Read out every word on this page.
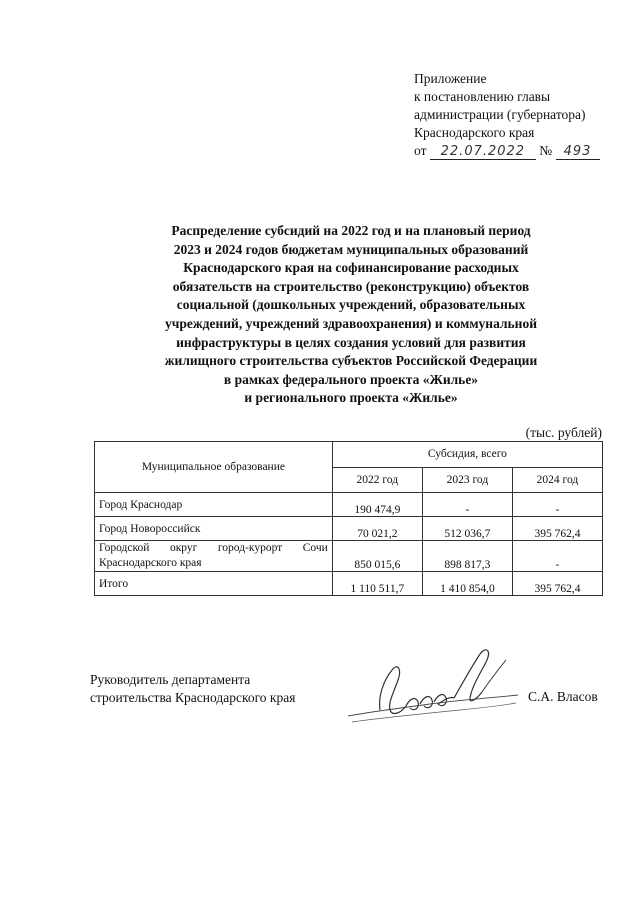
Приложение
к постановлению главы
администрации (губернатора)
Краснодарского края
от 22.07.2022 № 493
Распределение субсидий на 2022 год и на плановый период
2023 и 2024 годов бюджетам муниципальных образований
Краснодарского края на софинансирование расходных
обязательств на строительство (реконструкцию) объектов
социальной (дошкольных учреждений, образовательных
учреждений, учреждений здравоохранения) и коммунальной
инфраструктуры в целях создания условий для развития
жилищного строительства субъектов Российской Федерации
в рамках федерального проекта «Жилье»
и регионального проекта «Жилье»
(тыс. рублей)
Муниципальное образование	Субсидия, всего		
	2022 год	2023 год	2024 год
Город Краснодар	190 474,9	-	-
Город Новороссийск	70 021,2	512 036,7	395 762,4
Городской округ город-курорт Сочи Краснодарского края	850 015,6	898 817,3	-
Итого	1 110 511,7	1 410 854,0	395 762,4
Руководитель департамента
строительства Краснодарского края	С.А. Власов
